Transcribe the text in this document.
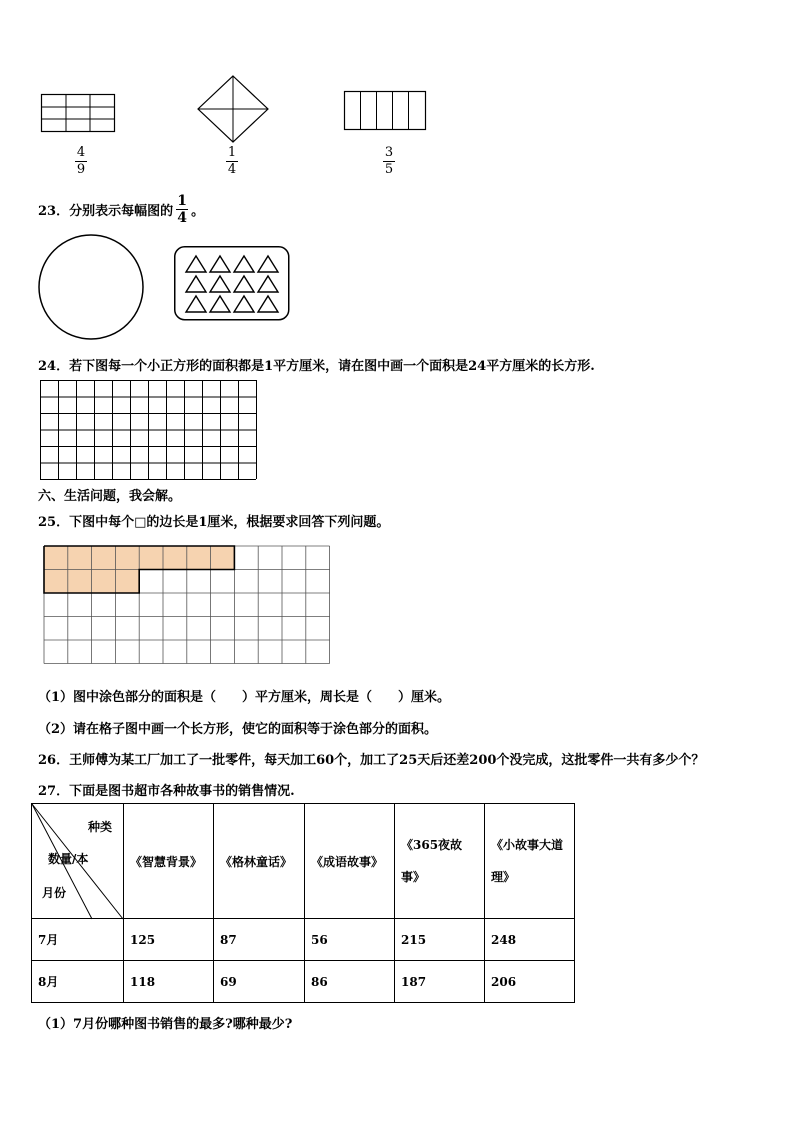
4
9
1
4
3
5
23．分别表示每幅图的 $\frac{1}{4}$ 。
24．若下图每一个小正方形的面积都是1平方厘米，请在图中画一个面积是24平方厘米的长方形.
六、生活问题，我会解。
25．下图中每个□的边长是1厘米，根据要求回答下列问题。
（1）图中涂色部分的面积是（　　）平方厘米，周长是（　　）厘米。
（2）请在格子图中画一个长方形，使它的面积等于涂色部分的面积。
26．王师傅为某工厂加工了一批零件，每天加工60个，加工了25天后还差200个没完成，这批零件一共有多少个？
27．下面是图书超市各种故事书的销售情况.
种类
数量/本
月份	《智慧背景》	《格林童话》	《成语故事》	《365夜故事》	《小故事大道理》
7月	125	87	56	215	248
8月	118	69	86	187	206
（1）7月份哪种图书销售的最多?哪种最少?
